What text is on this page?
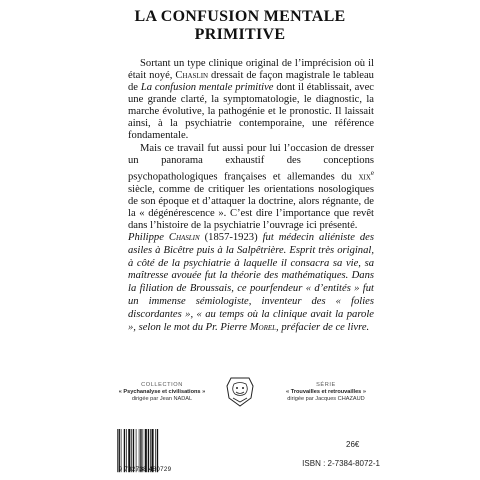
LA CONFUSION MENTALE
PRIMITIVE

Sortant un type clinique original de l’imprécision où il était noyé, Chaslin dressait de façon magistrale le tableau de La confusion mentale primitive dont il établissait, avec une grande clarté, la symptomatologie, le diagnostic, la marche évolutive, la pathogénie et le pronostic. Il laissait ainsi, à la psychiatrie contemporaine, une référence fondamentale.

Mais ce travail fut aussi pour lui l’occasion de dresser un panorama exhaustif des conceptions psychopathologiques françaises et allemandes du xix$^e$ siècle, comme de critiquer les orientations nosologiques de son époque et d’attaquer la doctrine, alors régnante, de la « dégénérescence ». C’est dire l’importance que revêt dans l’histoire de la psychiatrie l’ouvrage ici présenté.

Philippe Chaslin (1857-1923) fut médecin aliéniste des asiles à Bicêtre puis à la Salpêtrière. Esprit très original, à côté de la psychiatrie à laquelle il consacra sa vie, sa maîtresse avouée fut la théorie des mathématiques. Dans la filiation de Broussais, ce pourfendeur « d’entités » fut un immense sémiologiste, inventeur des « folies discordantes », « au temps où la clinique avait la parole », selon le mot du Pr. Pierre Morel, préfacier de ce livre.

COLLECTION
« Psychanalyse et civilisations »
dirigée par Jean NADAL
SÉRIE
« Trouvailles et retrouvailles »
dirigée par Jacques CHAZAUD
9 782738 480729
26€
ISBN : 2-7384-8072-1
